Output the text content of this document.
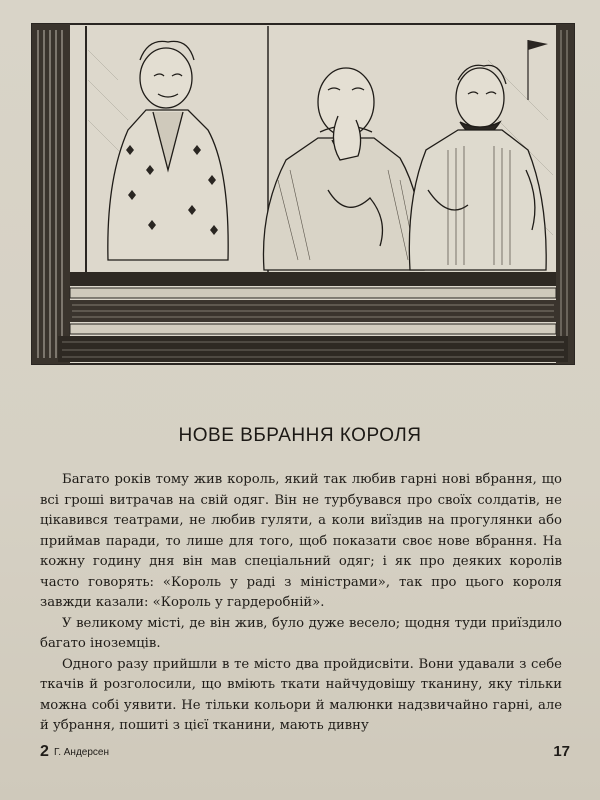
НОВЕ ВБРАННЯ КОРОЛЯ

Багато років тому жив король, який так любив гарні нові вбрання, що всі гроші витрачав на свій одяг. Він не турбувався про своїх солдатів, не цікавився театрами, не любив гуляти, а коли виїздив на прогулянки або приймав паради, то лише для того, щоб показати своє нове вбрання. На кожну годину дня він мав спеціальний одяг; і як про деяких королів часто говорять: «Король у раді з міністрами», так про цього короля завжди казали: «Король у гардеробній».

У великому місті, де він жив, було дуже весело; щодня туди приїздило багато іноземців.

Одного разу прийшли в те місто два пройдисвіти. Вони удавали з себе ткачів й розголосили, що вміють ткати найчудовішу тканину, яку тільки можна собі уявити. Не тільки кольори й малюнки надзвичайно гарні, але й убрання, пошиті з цієї тканини, мають дивну

2 Г. Андерсен	17
